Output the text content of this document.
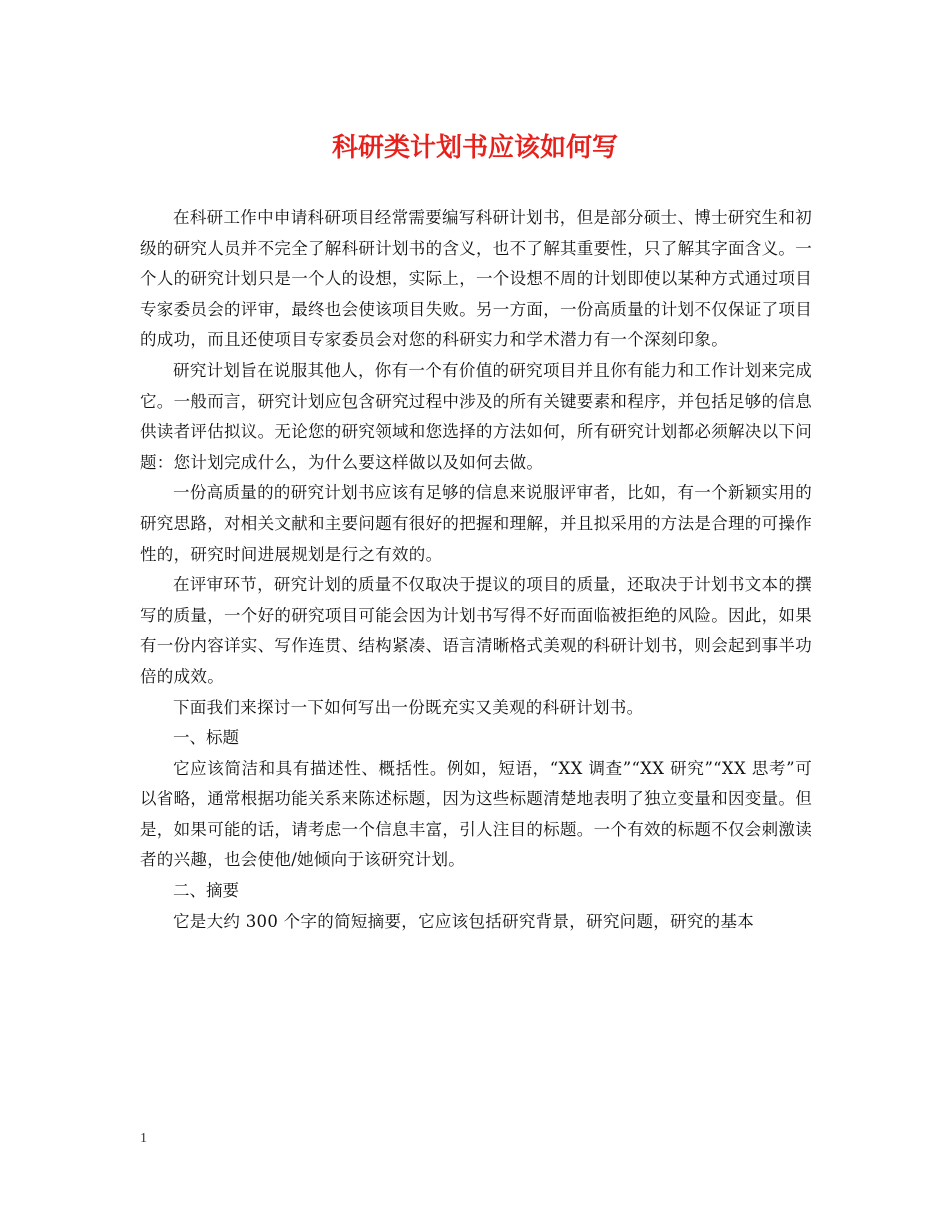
科研类计划书应该如何写

在科研工作中申请科研项目经常需要编写科研计划书，但是部分硕士、博士研究生和初级的研究人员并不完全了解科研计划书的含义，也不了解其重要性，只了解其字面含义。一个人的研究计划只是一个人的设想，实际上，一个设想不周的计划即使以某种方式通过项目专家委员会的评审，最终也会使该项目失败。另一方面，一份高质量的计划不仅保证了项目的成功，而且还使项目专家委员会对您的科研实力和学术潜力有一个深刻印象。

研究计划旨在说服其他人，你有一个有价值的研究项目并且你有能力和工作计划来完成它。一般而言，研究计划应包含研究过程中涉及的所有关键要素和程序，并包括足够的信息供读者评估拟议。无论您的研究领域和您选择的方法如何，所有研究计划都必须解决以下问题：您计划完成什么，为什么要这样做以及如何去做。

一份高质量的的研究计划书应该有足够的信息来说服评审者，比如，有一个新颖实用的研究思路，对相关文献和主要问题有很好的把握和理解，并且拟采用的方法是合理的可操作性的，研究时间进展规划是行之有效的。

在评审环节，研究计划的质量不仅取决于提议的项目的质量，还取决于计划书文本的撰写的质量，一个好的研究项目可能会因为计划书写得不好而面临被拒绝的风险。因此，如果有一份内容详实、写作连贯、结构紧凑、语言清晰格式美观的科研计划书，则会起到事半功倍的成效。

下面我们来探讨一下如何写出一份既充实又美观的科研计划书。

一、标题

它应该简洁和具有描述性、概括性。例如，短语，“XX 调查”“XX 研究”“XX 思考”可以省略，通常根据功能关系来陈述标题，因为这些标题清楚地表明了独立变量和因变量。但是，如果可能的话，请考虑一个信息丰富，引人注目的标题。一个有效的标题不仅会刺激读者的兴趣，也会使他/她倾向于该研究计划。

二、摘要

它是大约 300 个字的简短摘要，它应该包括研究背景，研究问题，研究的基本

1
